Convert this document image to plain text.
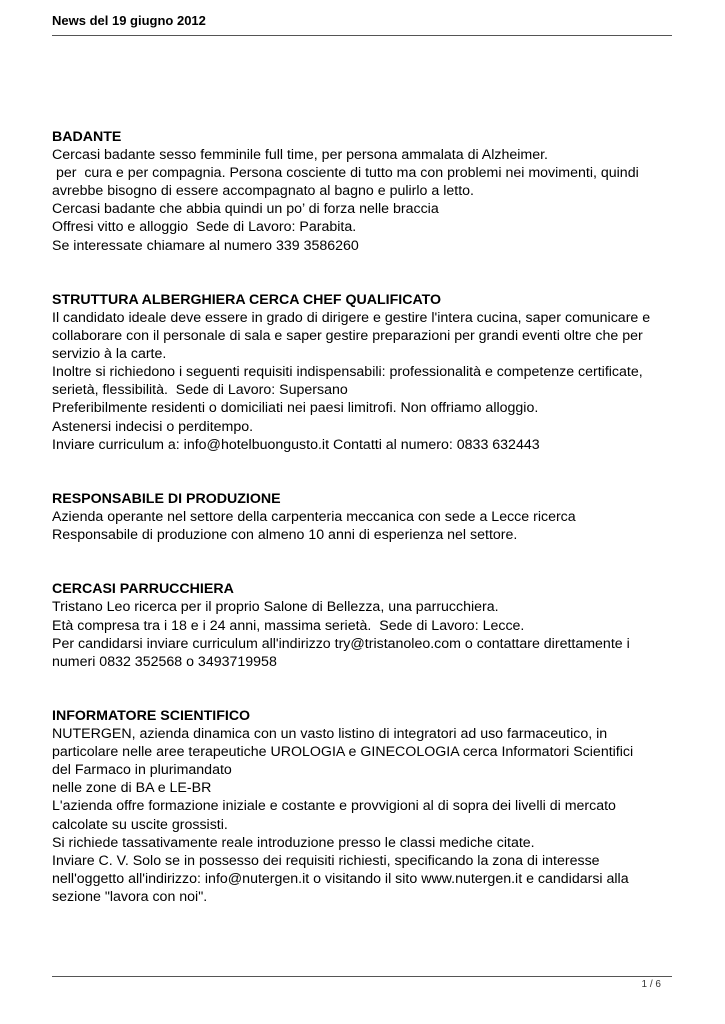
News del 19 giugno 2012
BADANTE

Cercasi badante sesso femminile full time, per persona ammalata di Alzheimer.

per  cura e per compagnia. Persona cosciente di tutto ma con problemi nei movimenti, quindi

avrebbe bisogno di essere accompagnato al bagno e pulirlo a letto.

Cercasi badante che abbia quindi un po’ di forza nelle braccia

Offresi vitto e alloggio  Sede di Lavoro: Parabita.

Se interessate chiamare al numero 339 3586260

STRUTTURA ALBERGHIERA CERCA CHEF QUALIFICATO

Il candidato ideale deve essere in grado di dirigere e gestire l'intera cucina, saper comunicare e

collaborare con il personale di sala e saper gestire preparazioni per grandi eventi oltre che per

servizio à la carte.

Inoltre si richiedono i seguenti requisiti indispensabili: professionalità e competenze certificate,

serietà, flessibilità.  Sede di Lavoro: Supersano

Preferibilmente residenti o domiciliati nei paesi limitrofi. Non offriamo alloggio.

Astenersi indecisi o perditempo.

Inviare curriculum a: info@hotelbuongusto.it Contatti al numero: 0833 632443

RESPONSABILE DI PRODUZIONE

Azienda operante nel settore della carpenteria meccanica con sede a Lecce ricerca

Responsabile di produzione con almeno 10 anni di esperienza nel settore.

CERCASI PARRUCCHIERA

Tristano Leo ricerca per il proprio Salone di Bellezza, una parrucchiera.

Età compresa tra i 18 e i 24 anni, massima serietà.  Sede di Lavoro: Lecce.

Per candidarsi inviare curriculum all'indirizzo try@tristanoleo.com o contattare direttamente i

numeri 0832 352568 o 3493719958

INFORMATORE SCIENTIFICO

NUTERGEN, azienda dinamica con un vasto listino di integratori ad uso farmaceutico, in

particolare nelle aree terapeutiche UROLOGIA e GINECOLOGIA cerca Informatori Scientifici

del Farmaco in plurimandato

nelle zone di BA e LE-BR

L'azienda offre formazione iniziale e costante e provvigioni al di sopra dei livelli di mercato

calcolate su uscite grossisti.

Si richiede tassativamente reale introduzione presso le classi mediche citate.

Inviare C. V. Solo se in possesso dei requisiti richiesti, specificando la zona di interesse

nell'oggetto all'indirizzo: info@nutergen.it o visitando il sito www.nutergen.it e candidarsi alla

sezione "lavora con noi".

1 / 6
